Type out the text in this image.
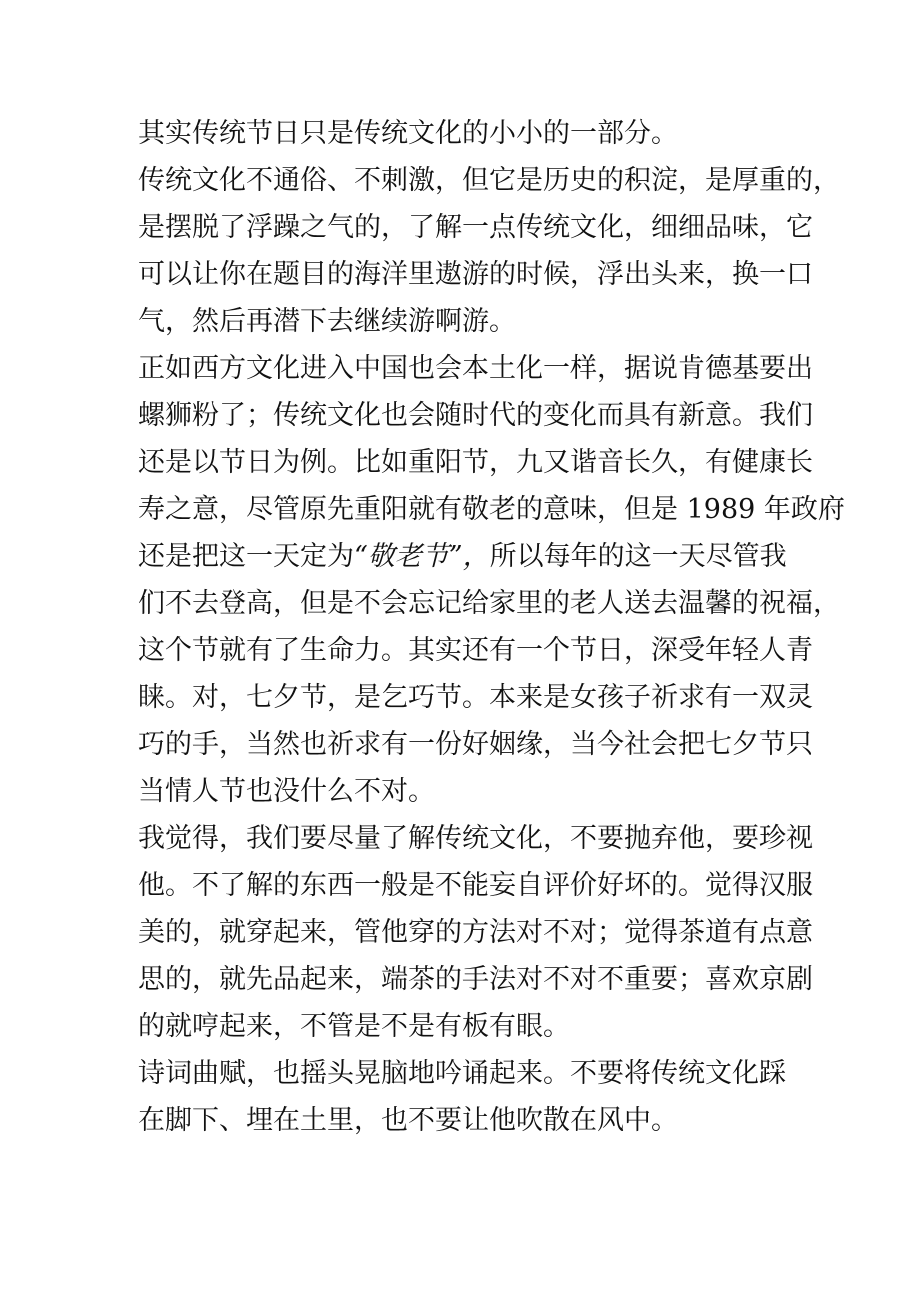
其实传统节日只是传统文化的小小的一部分。
传统文化不通俗、不刺激，但它是历史的积淀，是厚重的，
是摆脱了浮躁之气的，了解一点传统文化，细细品味，它
可以让你在题目的海洋里遨游的时候，浮出头来，换一口
气，然后再潜下去继续游啊游。
正如西方文化进入中国也会本土化一样，据说肯德基要出
螺狮粉了；传统文化也会随时代的变化而具有新意。我们
还是以节日为例。比如重阳节，九又谐音长久，有健康长
寿之意，尽管原先重阳就有敬老的意味，但是 1989 年政府
还是把这一天定为“敬老节”，所以每年的这一天尽管我
们不去登高，但是不会忘记给家里的老人送去温馨的祝福，
这个节就有了生命力。其实还有一个节日，深受年轻人青
睐。对，七夕节，是乞巧节。本来是女孩子祈求有一双灵
巧的手，当然也祈求有一份好姻缘，当今社会把七夕节只
当情人节也没什么不对。
我觉得，我们要尽量了解传统文化，不要抛弃他，要珍视
他。不了解的东西一般是不能妄自评价好坏的。觉得汉服
美的，就穿起来，管他穿的方法对不对；觉得茶道有点意
思的，就先品起来，端茶的手法对不对不重要；喜欢京剧
的就哼起来，不管是不是有板有眼。
诗词曲赋，也摇头晃脑地吟诵起来。不要将传统文化踩
在脚下、埋在土里，也不要让他吹散在风中。
